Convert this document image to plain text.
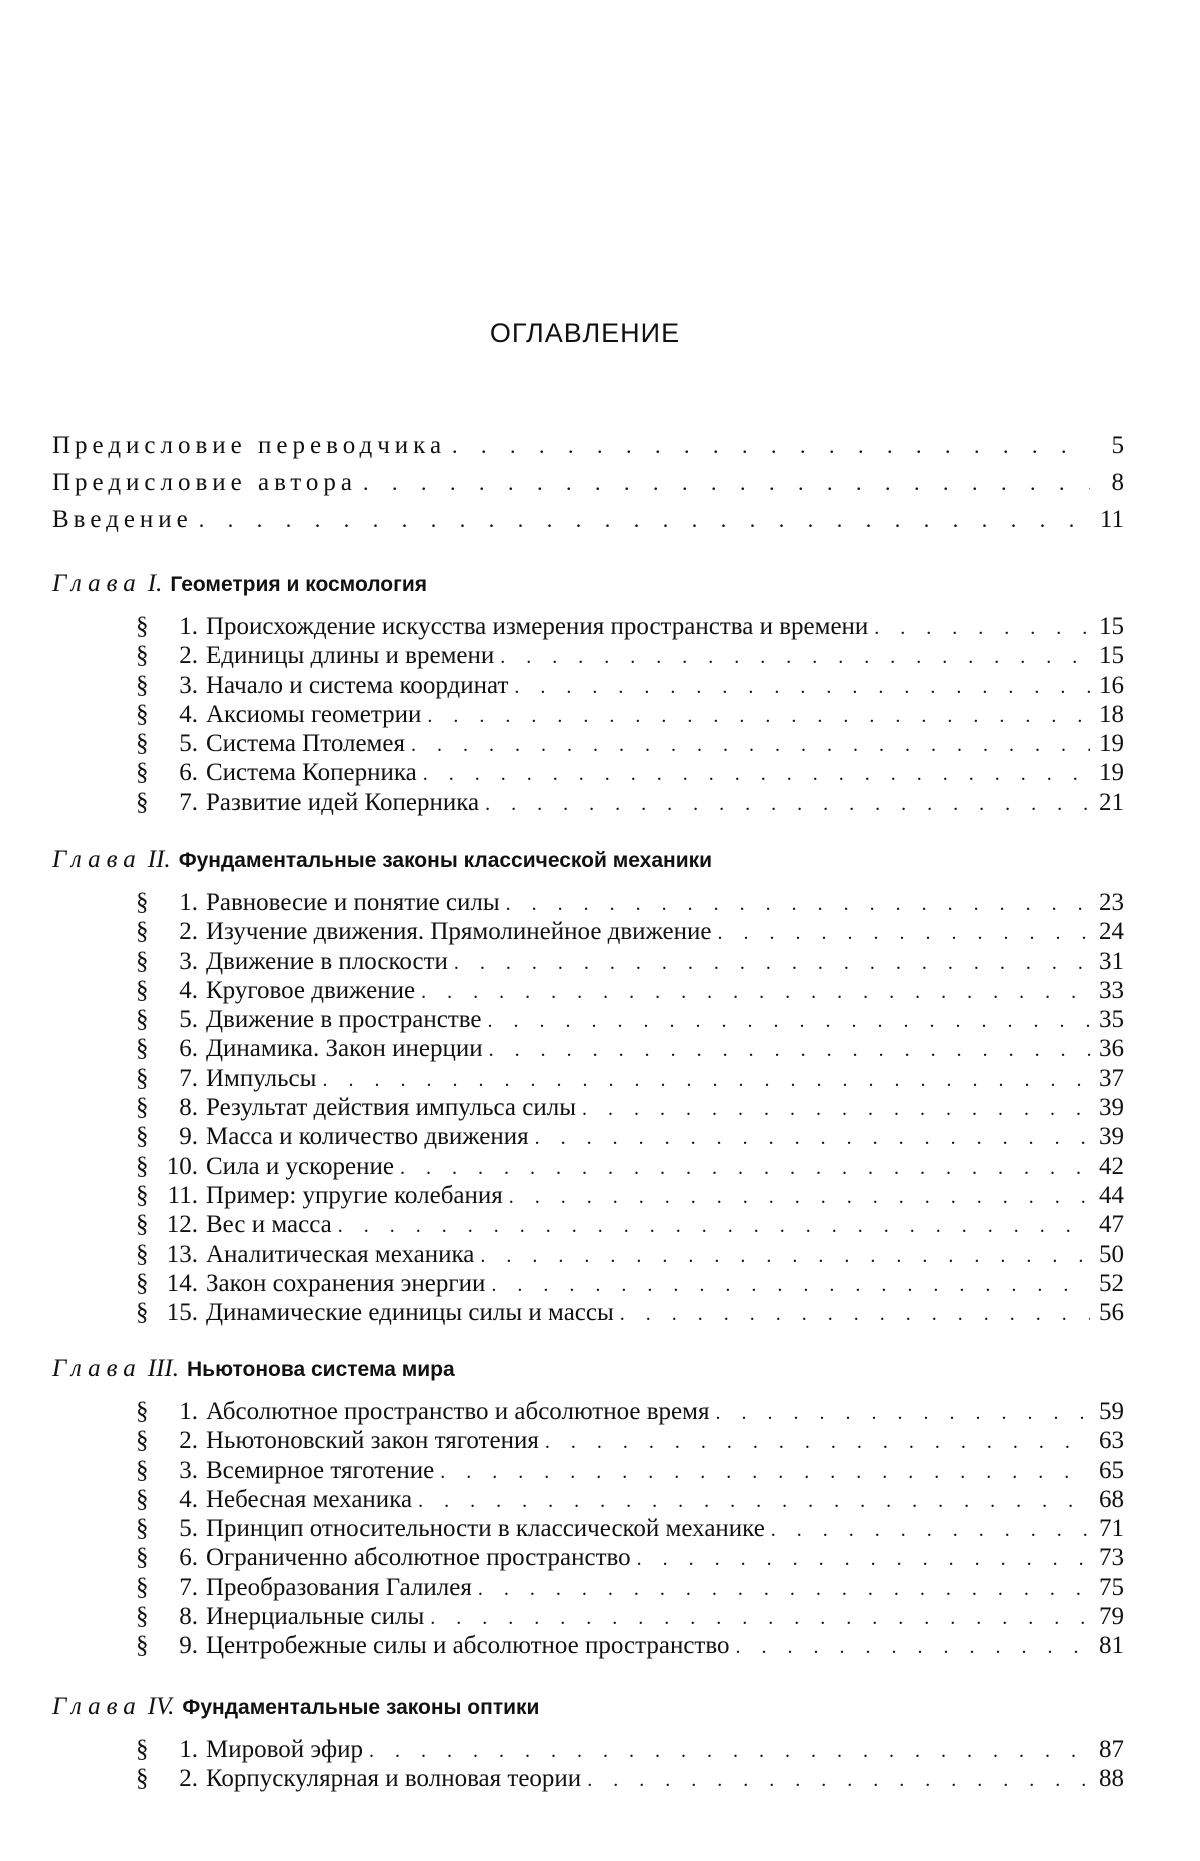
ОГЛАВЛЕНИЕ
Предисловие переводчика . . .	5
Предисловие автора . . .	8
Введение . . .	11
Глава I. Геометрия и космология
§	1. Происхождение искусства измерения пространства и времени . . .	15
§	2. Единицы длины и времени . . .	15
§	3. Начало и система координат . . .	16
§	4. Аксиомы геометрии . . .	18
§	5. Система Птолемея . . .	19
§	6. Система Коперника . . .	19
§	7. Развитие идей Коперника . . .	21
Глава II. Фундаментальные законы классической механики
§	1. Равновесие и понятие силы . . .	23
§	2. Изучение движения. Прямолинейное движение . . .	24
§	3. Движение в плоскости . . .	31
§	4. Круговое движение . . .	33
§	5. Движение в пространстве . . .	35
§	6. Динамика. Закон инерции . . .	36
§	7. Импульсы . . .	37
§	8. Результат действия импульса силы . . .	39
§	9. Масса и количество движения . . .	39
§ 10. Сила и ускорение . . .	42
§ 11. Пример: упругие колебания . . .	44
§ 12. Вес и масса . . .	47
§ 13. Аналитическая механика . . .	50
§ 14. Закон сохранения энергии . . .	52
§ 15. Динамические единицы силы и массы . . .	56
Глава III. Ньютонова система мира
§	1. Абсолютное пространство и абсолютное время . . .	59
§	2. Ньютоновский закон тяготения . . .	63
§	3. Всемирное тяготение . . .	65
§	4. Небесная механика . . .	68
§	5. Принцип относительности в классической механике . . .	71
§	6. Ограниченно абсолютное пространство . . .	73
§	7. Преобразования Галилея . . .	75
§	8. Инерциальные силы . . .	79
§	9. Центробежные силы и абсолютное пространство . . .	81
Глава IV. Фундаментальные законы оптики
§	1. Мировой эфир . . .	87
§	2. Корпускулярная и волновая теории . . .	88
